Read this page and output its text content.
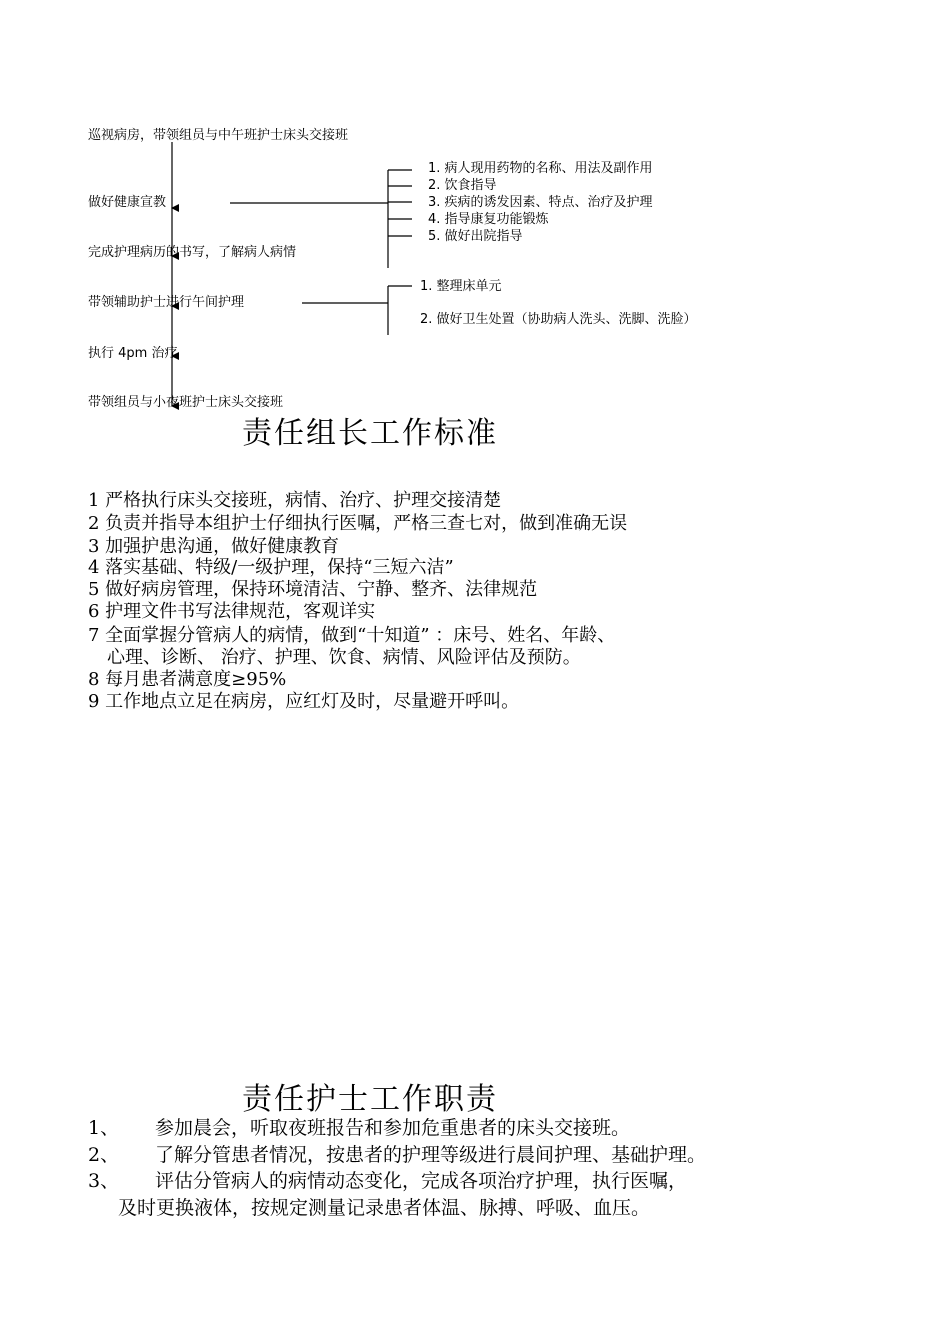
巡视病房，带领组员与中午班护士床头交接班
做好健康宣教
完成护理病历的书写，了解病人病情
带领辅助护士进行午间护理
执行 4pm 治疗
带领组员与小夜班护士床头交接班
1. 病人现用药物的名称、用法及副作用
2. 饮食指导
3. 疾病的诱发因素、特点、治疗及护理
4. 指导康复功能锻炼
5. 做好出院指导
1. 整理床单元
2. 做好卫生处置（协助病人洗头、洗脚、洗脸）
责任组长工作标准
1 严格执行床头交接班，病情、治疗、护理交接清楚
2 负责并指导本组护士仔细执行医嘱，严格三查七对，做到准确无误
3 加强护患沟通，做好健康教育
4 落实基础、特级/一级护理，保持“三短六洁”
5 做好病房管理，保持环境清洁、宁静、整齐、法律规范
6 护理文件书写法律规范，客观详实
7 全面掌握分管病人的病情，做到“十知道” ：床号、姓名、年龄、
心理、诊断、 治疗、护理、饮食、病情、风险评估及预防。
8 每月患者满意度≥95%
9 工作地点立足在病房，应红灯及时，尽量避开呼叫。
责任护士工作职责
1、 参加晨会，听取夜班报告和参加危重患者的床头交接班。
2、 了解分管患者情况，按患者的护理等级进行晨间护理、基础护理。
3、 评估分管病人的病情动态变化，完成各项治疗护理，执行医嘱，
及时更换液体，按规定测量记录患者体温、脉搏、呼吸、血压。
